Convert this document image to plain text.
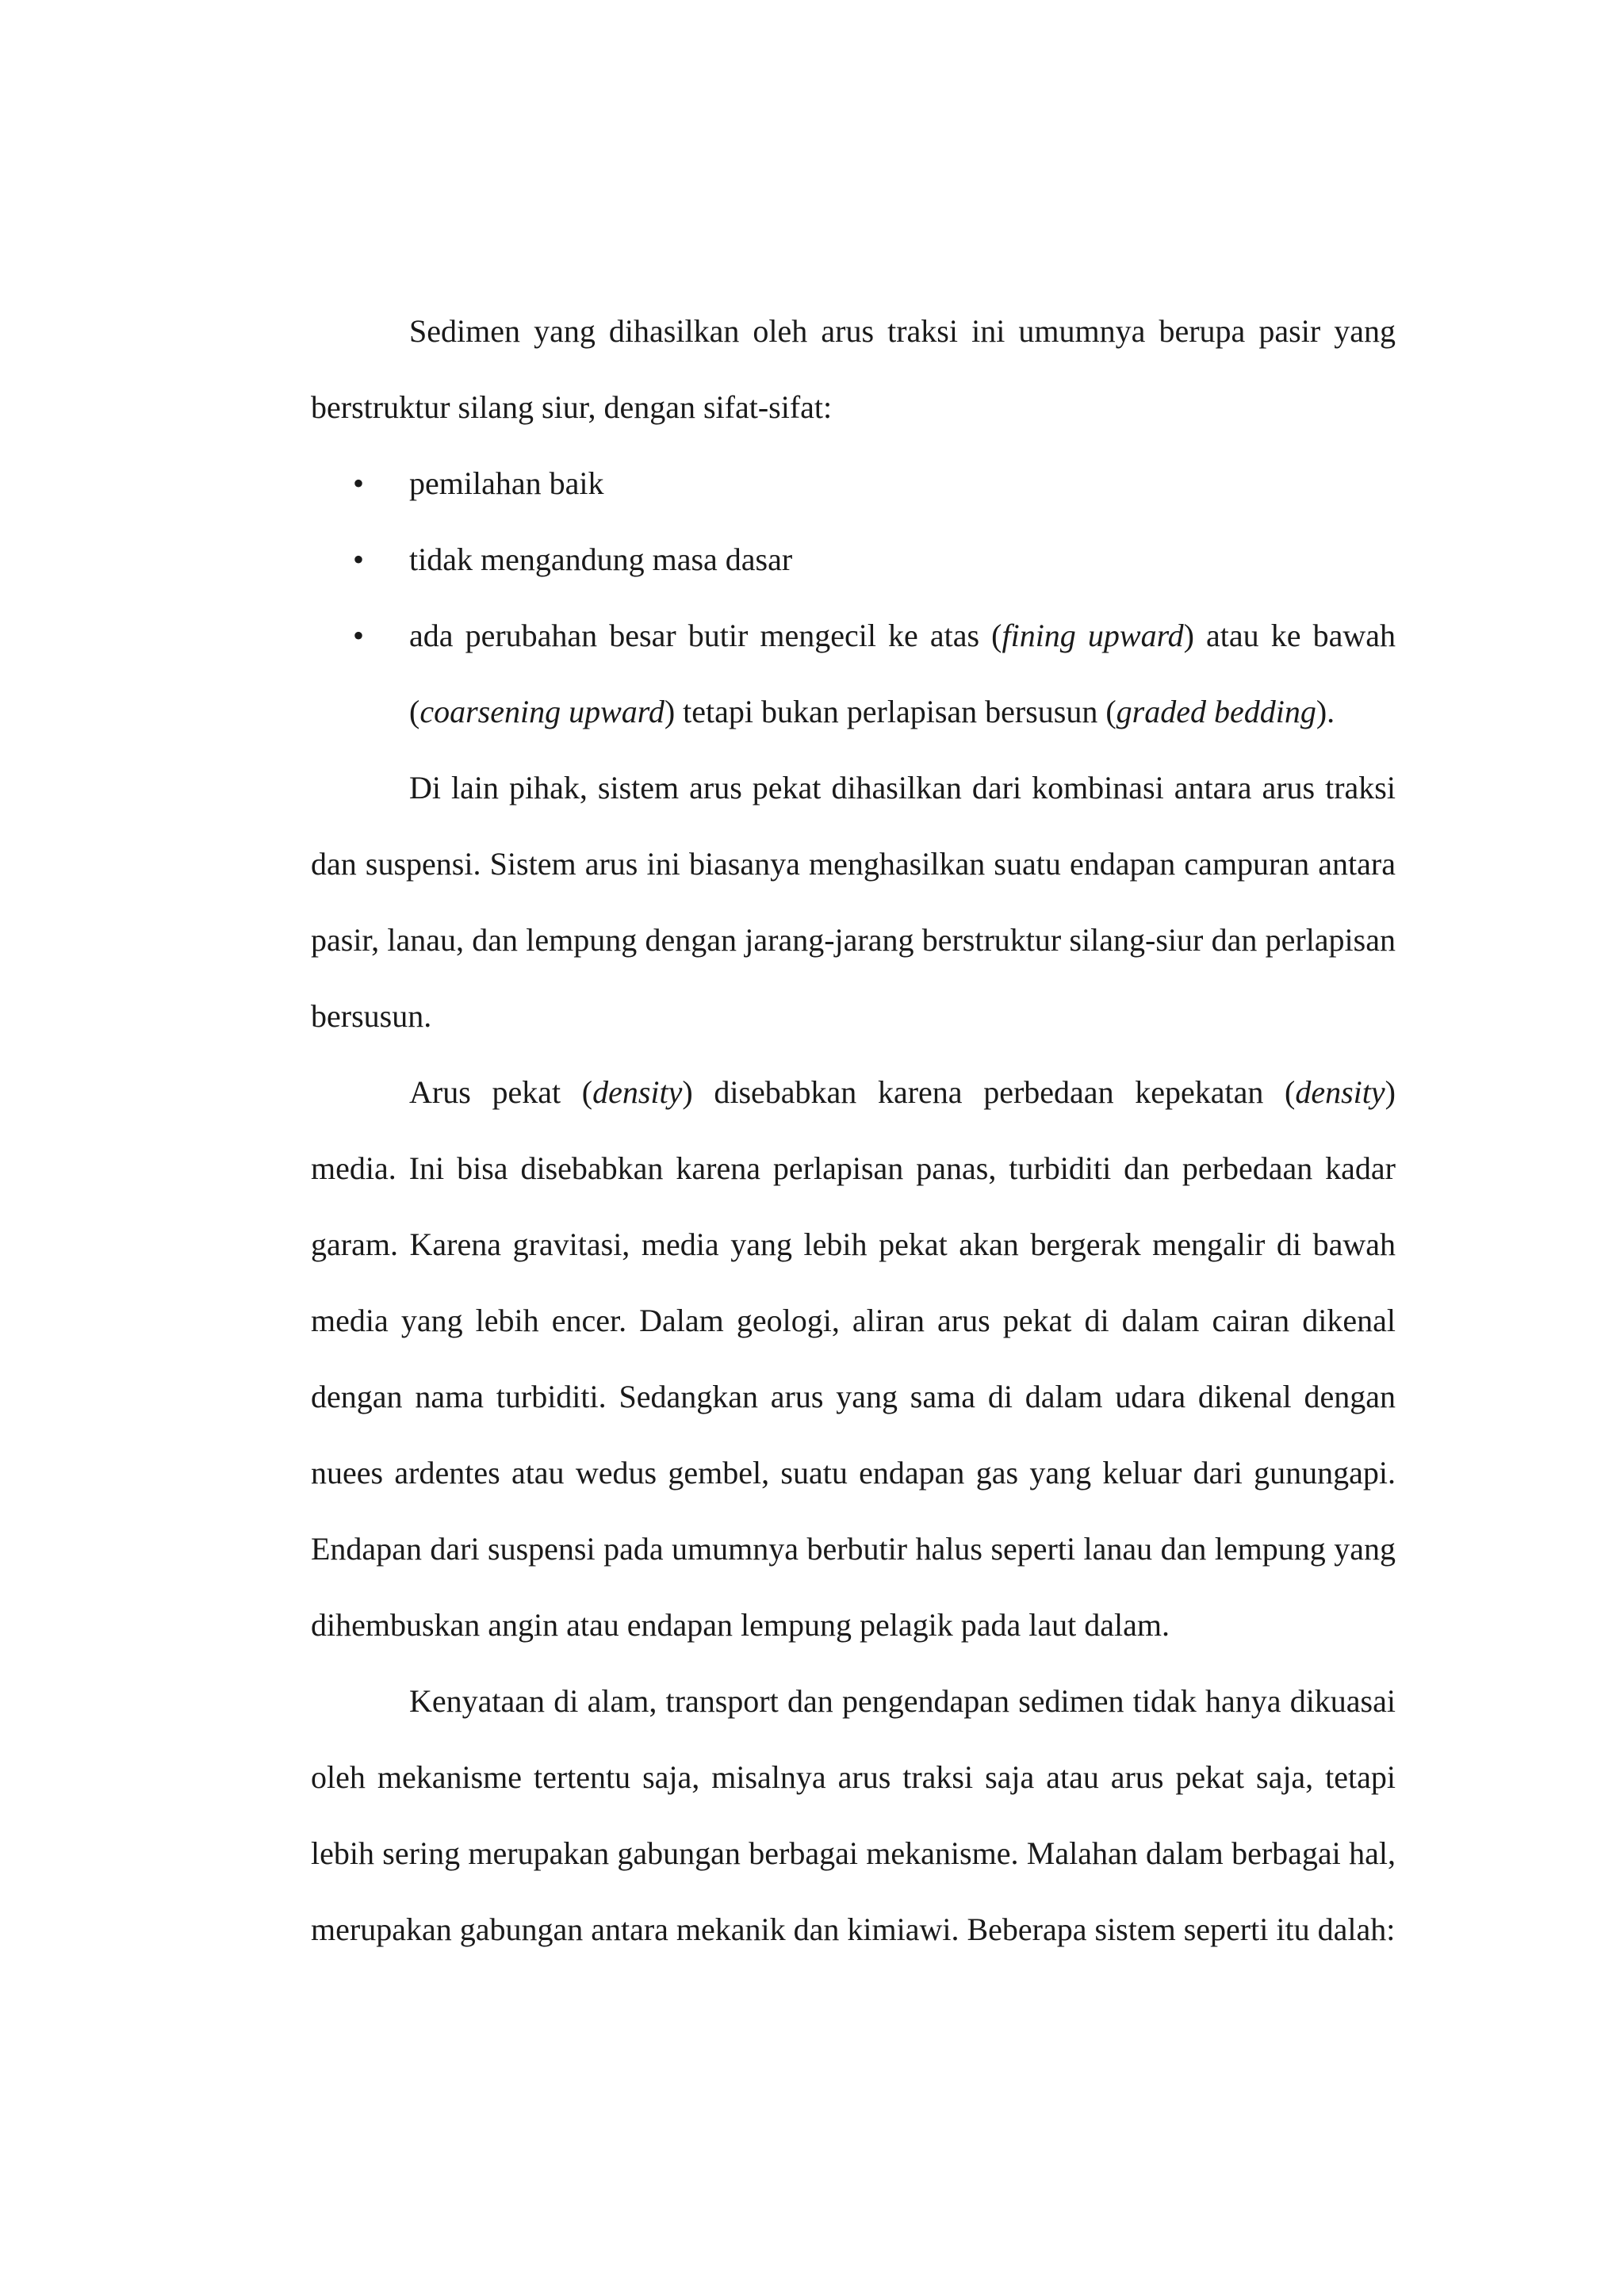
Sedimen yang dihasilkan oleh arus traksi ini umumnya berupa pasir yang berstruktur silang siur, dengan sifat-sifat:

•	pemilahan baik
•	tidak mengandung masa dasar
•	ada perubahan besar butir mengecil ke atas (fining upward) atau ke bawah (coarsening upward) tetapi bukan perlapisan bersusun (graded bedding).

Di lain pihak, sistem arus pekat dihasilkan dari kombinasi antara arus traksi dan suspensi. Sistem arus ini biasanya menghasilkan suatu endapan campuran antara pasir, lanau, dan lempung dengan jarang-jarang berstruktur silang-siur dan perlapisan bersusun.

Arus pekat (density) disebabkan karena perbedaan kepekatan (density) media. Ini bisa disebabkan karena perlapisan panas, turbiditi dan perbedaan kadar garam. Karena gravitasi, media yang lebih pekat akan bergerak mengalir di bawah media yang lebih encer. Dalam geologi, aliran arus pekat di dalam cairan dikenal dengan nama turbiditi. Sedangkan arus yang sama di dalam udara dikenal dengan nuees ardentes atau wedus gembel, suatu endapan gas yang keluar dari gunungapi. Endapan dari suspensi pada umumnya berbutir halus seperti lanau dan lempung yang dihembuskan angin atau endapan lempung pelagik pada laut dalam.

Kenyataan di alam, transport dan pengendapan sedimen tidak hanya dikuasai oleh mekanisme tertentu saja, misalnya arus traksi saja atau arus pekat saja, tetapi lebih sering merupakan gabungan berbagai mekanisme. Malahan dalam berbagai hal, merupakan gabungan antara mekanik dan kimiawi. Beberapa sistem seperti itu dalah:
